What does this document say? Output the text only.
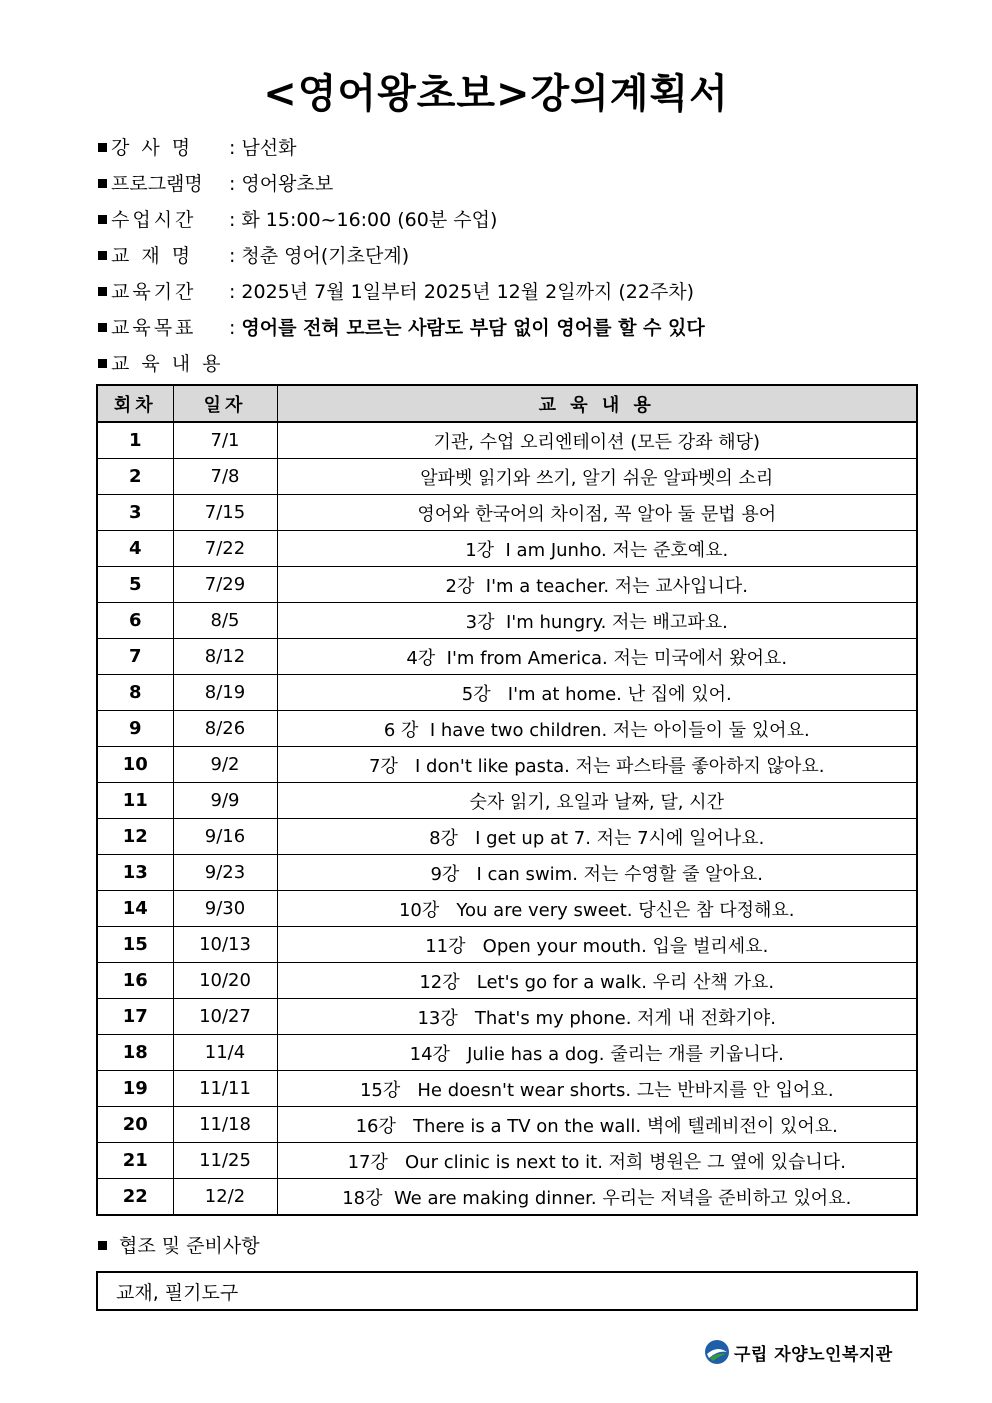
<영어왕초보>강의계획서
강 사 명 : 남선화
프로그램명 : 영어왕초보
수업시간 : 화 15:00~16:00 (60분 수업)
교 재 명 : 청춘 영어(기초단계)
교육기간 : 2025년 7월 1일부터 2025년 12월 2일까지 (22주차)
교육목표 : 영어를 전혀 모르는 사람도 부담 없이 영어를 할 수 있다
교 육 내 용
회차	일자	교 육 내 용
1	7/1	기관, 수업 오리엔테이션 (모든 강좌 해당)
2	7/8	알파벳 읽기와 쓰기, 알기 쉬운 알파벳의 소리
3	7/15	영어와 한국어의 차이점, 꼭 알아 둘 문법 용어
4	7/22	1강  I am Junho. 저는 준호예요.
5	7/29	2강  I'm a teacher. 저는 교사입니다.
6	8/5	3강  I'm hungry. 저는 배고파요.
7	8/12	4강  I'm from America. 저는 미국에서 왔어요.
8	8/19	5강   I'm at home. 난 집에 있어.
9	8/26	6 강  I have two children. 저는 아이들이 둘 있어요.
10	9/2	7강   I don't like pasta. 저는 파스타를 좋아하지 않아요.
11	9/9	숫자 읽기, 요일과 날짜, 달, 시간
12	9/16	8강   I get up at 7. 저는 7시에 일어나요.
13	9/23	9강   I can swim. 저는 수영할 줄 알아요.
14	9/30	10강   You are very sweet. 당신은 참 다정해요.
15	10/13	11강   Open your mouth. 입을 벌리세요.
16	10/20	12강   Let's go for a walk. 우리 산책 가요.
17	10/27	13강   That's my phone. 저게 내 전화기야.
18	11/4	14강   Julie has a dog. 줄리는 개를 키웁니다.
19	11/11	15강   He doesn't wear shorts. 그는 반바지를 안 입어요.
20	11/18	16강   There is a TV on the wall. 벽에 텔레비전이 있어요.
21	11/25	17강   Our clinic is next to it. 저희 병원은 그 옆에 있습니다.
22	12/2	18강  We are making dinner. 우리는 저녁을 준비하고 있어요.
협조 및 준비사항
교재, 필기도구
구립 자양노인복지관
